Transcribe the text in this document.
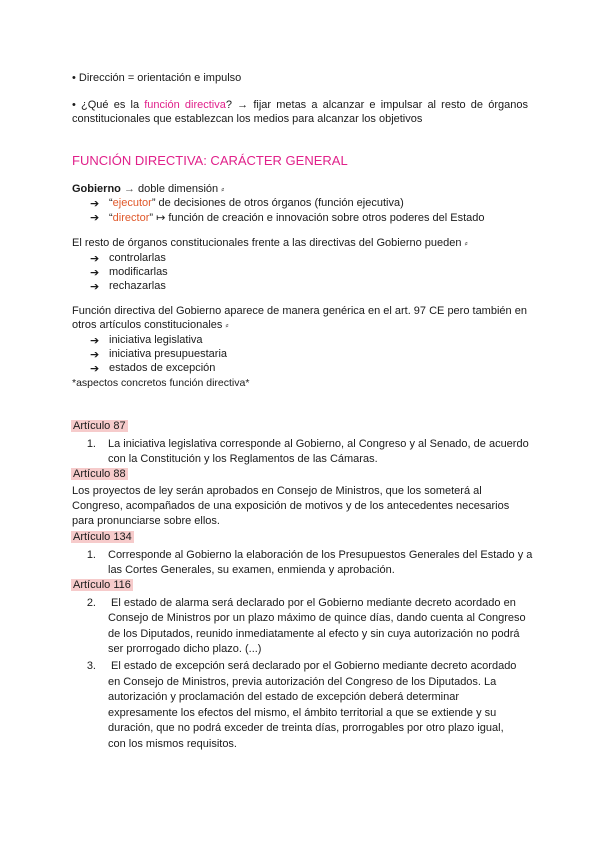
• Dirección = orientación e impulso
• ¿Qué es la función directiva? → fijar metas a alcanzar e impulsar al resto de órganos
constitucionales que establezcan los medios para alcanzar los objetivos
FUNCIÓN DIRECTIVA: CARÁCTER GENERAL
Gobierno → doble dimensión ⸗
➔ “ejecutor” de decisiones de otros órganos (función ejecutiva)
➔ “director” ↦ función de creación e innovación sobre otros poderes del Estado
El resto de órganos constitucionales frente a las directivas del Gobierno pueden ⸗
➔ controlarlas
➔ modificarlas
➔ rechazarlas
Función directiva del Gobierno aparece de manera genérica en el art. 97 CE pero también en
otros artículos constitucionales ⸗
➔ iniciativa legislativa
➔ iniciativa presupuestaria
➔ estados de excepción
*aspectos concretos función directiva*
Artículo 87
1. La iniciativa legislativa corresponde al Gobierno, al Congreso y al Senado, de acuerdo
con la Constitución y los Reglamentos de las Cámaras.
Artículo 88
Los proyectos de ley serán aprobados en Consejo de Ministros, que los someterá al
Congreso, acompañados de una exposición de motivos y de los antecedentes necesarios
para pronunciarse sobre ellos.
Artículo 134
1. Corresponde al Gobierno la elaboración de los Presupuestos Generales del Estado y a
las Cortes Generales, su examen, enmienda y aprobación.
Artículo 116
2. El estado de alarma será declarado por el Gobierno mediante decreto acordado en
Consejo de Ministros por un plazo máximo de quince días, dando cuenta al Congreso
de los Diputados, reunido inmediatamente al efecto y sin cuya autorización no podrá
ser prorrogado dicho plazo. (...)
3. El estado de excepción será declarado por el Gobierno mediante decreto acordado
en Consejo de Ministros, previa autorización del Congreso de los Diputados. La
autorización y proclamación del estado de excepción deberá determinar
expresamente los efectos del mismo, el ámbito territorial a que se extiende y su
duración, que no podrá exceder de treinta días, prorrogables por otro plazo igual,
con los mismos requisitos.
